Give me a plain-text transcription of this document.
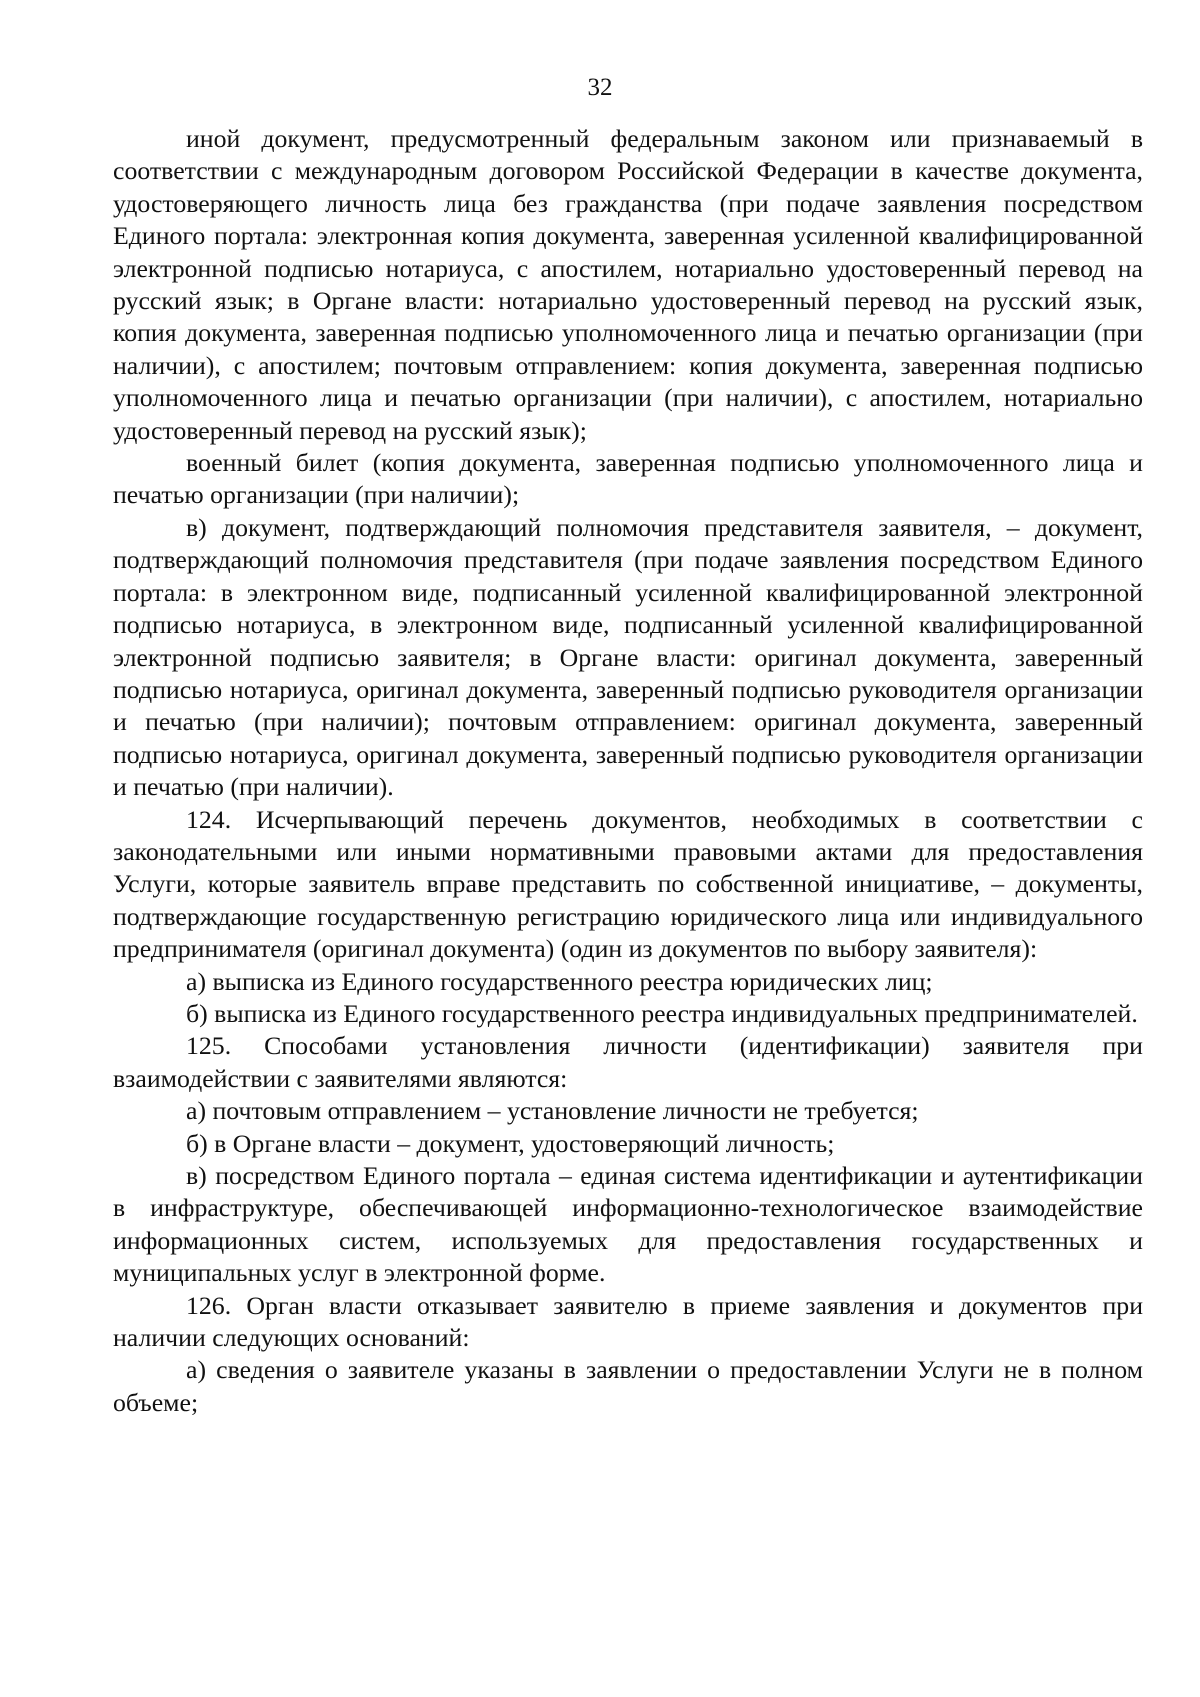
32

иной документ, предусмотренный федеральным законом или признаваемый в соответствии с международным договором Российской Федерации в качестве документа, удостоверяющего личность лица без гражданства (при подаче заявления посредством Единого портала: электронная копия документа, заверенная усиленной квалифицированной электронной подписью нотариуса, с апостилем, нотариально удостоверенный перевод на русский язык; в Органе власти: нотариально удостоверенный перевод на русский язык, копия документа, заверенная подписью уполномоченного лица и печатью организации (при наличии), с апостилем; почтовым отправлением: копия документа, заверенная подписью уполномоченного лица и печатью организации (при наличии), с апостилем, нотариально удостоверенный перевод на русский язык);

военный билет (копия документа, заверенная подписью уполномоченного лица и печатью организации (при наличии);

в) документ, подтверждающий полномочия представителя заявителя, – документ, подтверждающий полномочия представителя (при подаче заявления посредством Единого портала: в электронном виде, подписанный усиленной квалифицированной электронной подписью нотариуса, в электронном виде, подписанный усиленной квалифицированной электронной подписью заявителя; в Органе власти: оригинал документа, заверенный подписью нотариуса, оригинал документа, заверенный подписью руководителя организации и печатью (при наличии); почтовым отправлением: оригинал документа, заверенный подписью нотариуса, оригинал документа, заверенный подписью руководителя организации и печатью (при наличии).

124. Исчерпывающий перечень документов, необходимых в соответствии с законодательными или иными нормативными правовыми актами для предоставления Услуги, которые заявитель вправе представить по собственной инициативе, – документы, подтверждающие государственную регистрацию юридического лица или индивидуального предпринимателя (оригинал документа) (один из документов по выбору заявителя):

а) выписка из Единого государственного реестра юридических лиц;

б) выписка из Единого государственного реестра индивидуальных предпринимателей.

125. Способами установления личности (идентификации) заявителя при взаимодействии с заявителями являются:

а) почтовым отправлением – установление личности не требуется;

б) в Органе власти – документ, удостоверяющий личность;

в) посредством Единого портала – единая система идентификации и аутентификации в инфраструктуре, обеспечивающей информационно-технологическое взаимодействие информационных систем, используемых для предоставления государственных и муниципальных услуг в электронной форме.

126. Орган власти отказывает заявителю в приеме заявления и документов при наличии следующих оснований:

а) сведения о заявителе указаны в заявлении о предоставлении Услуги не в полном объеме;
